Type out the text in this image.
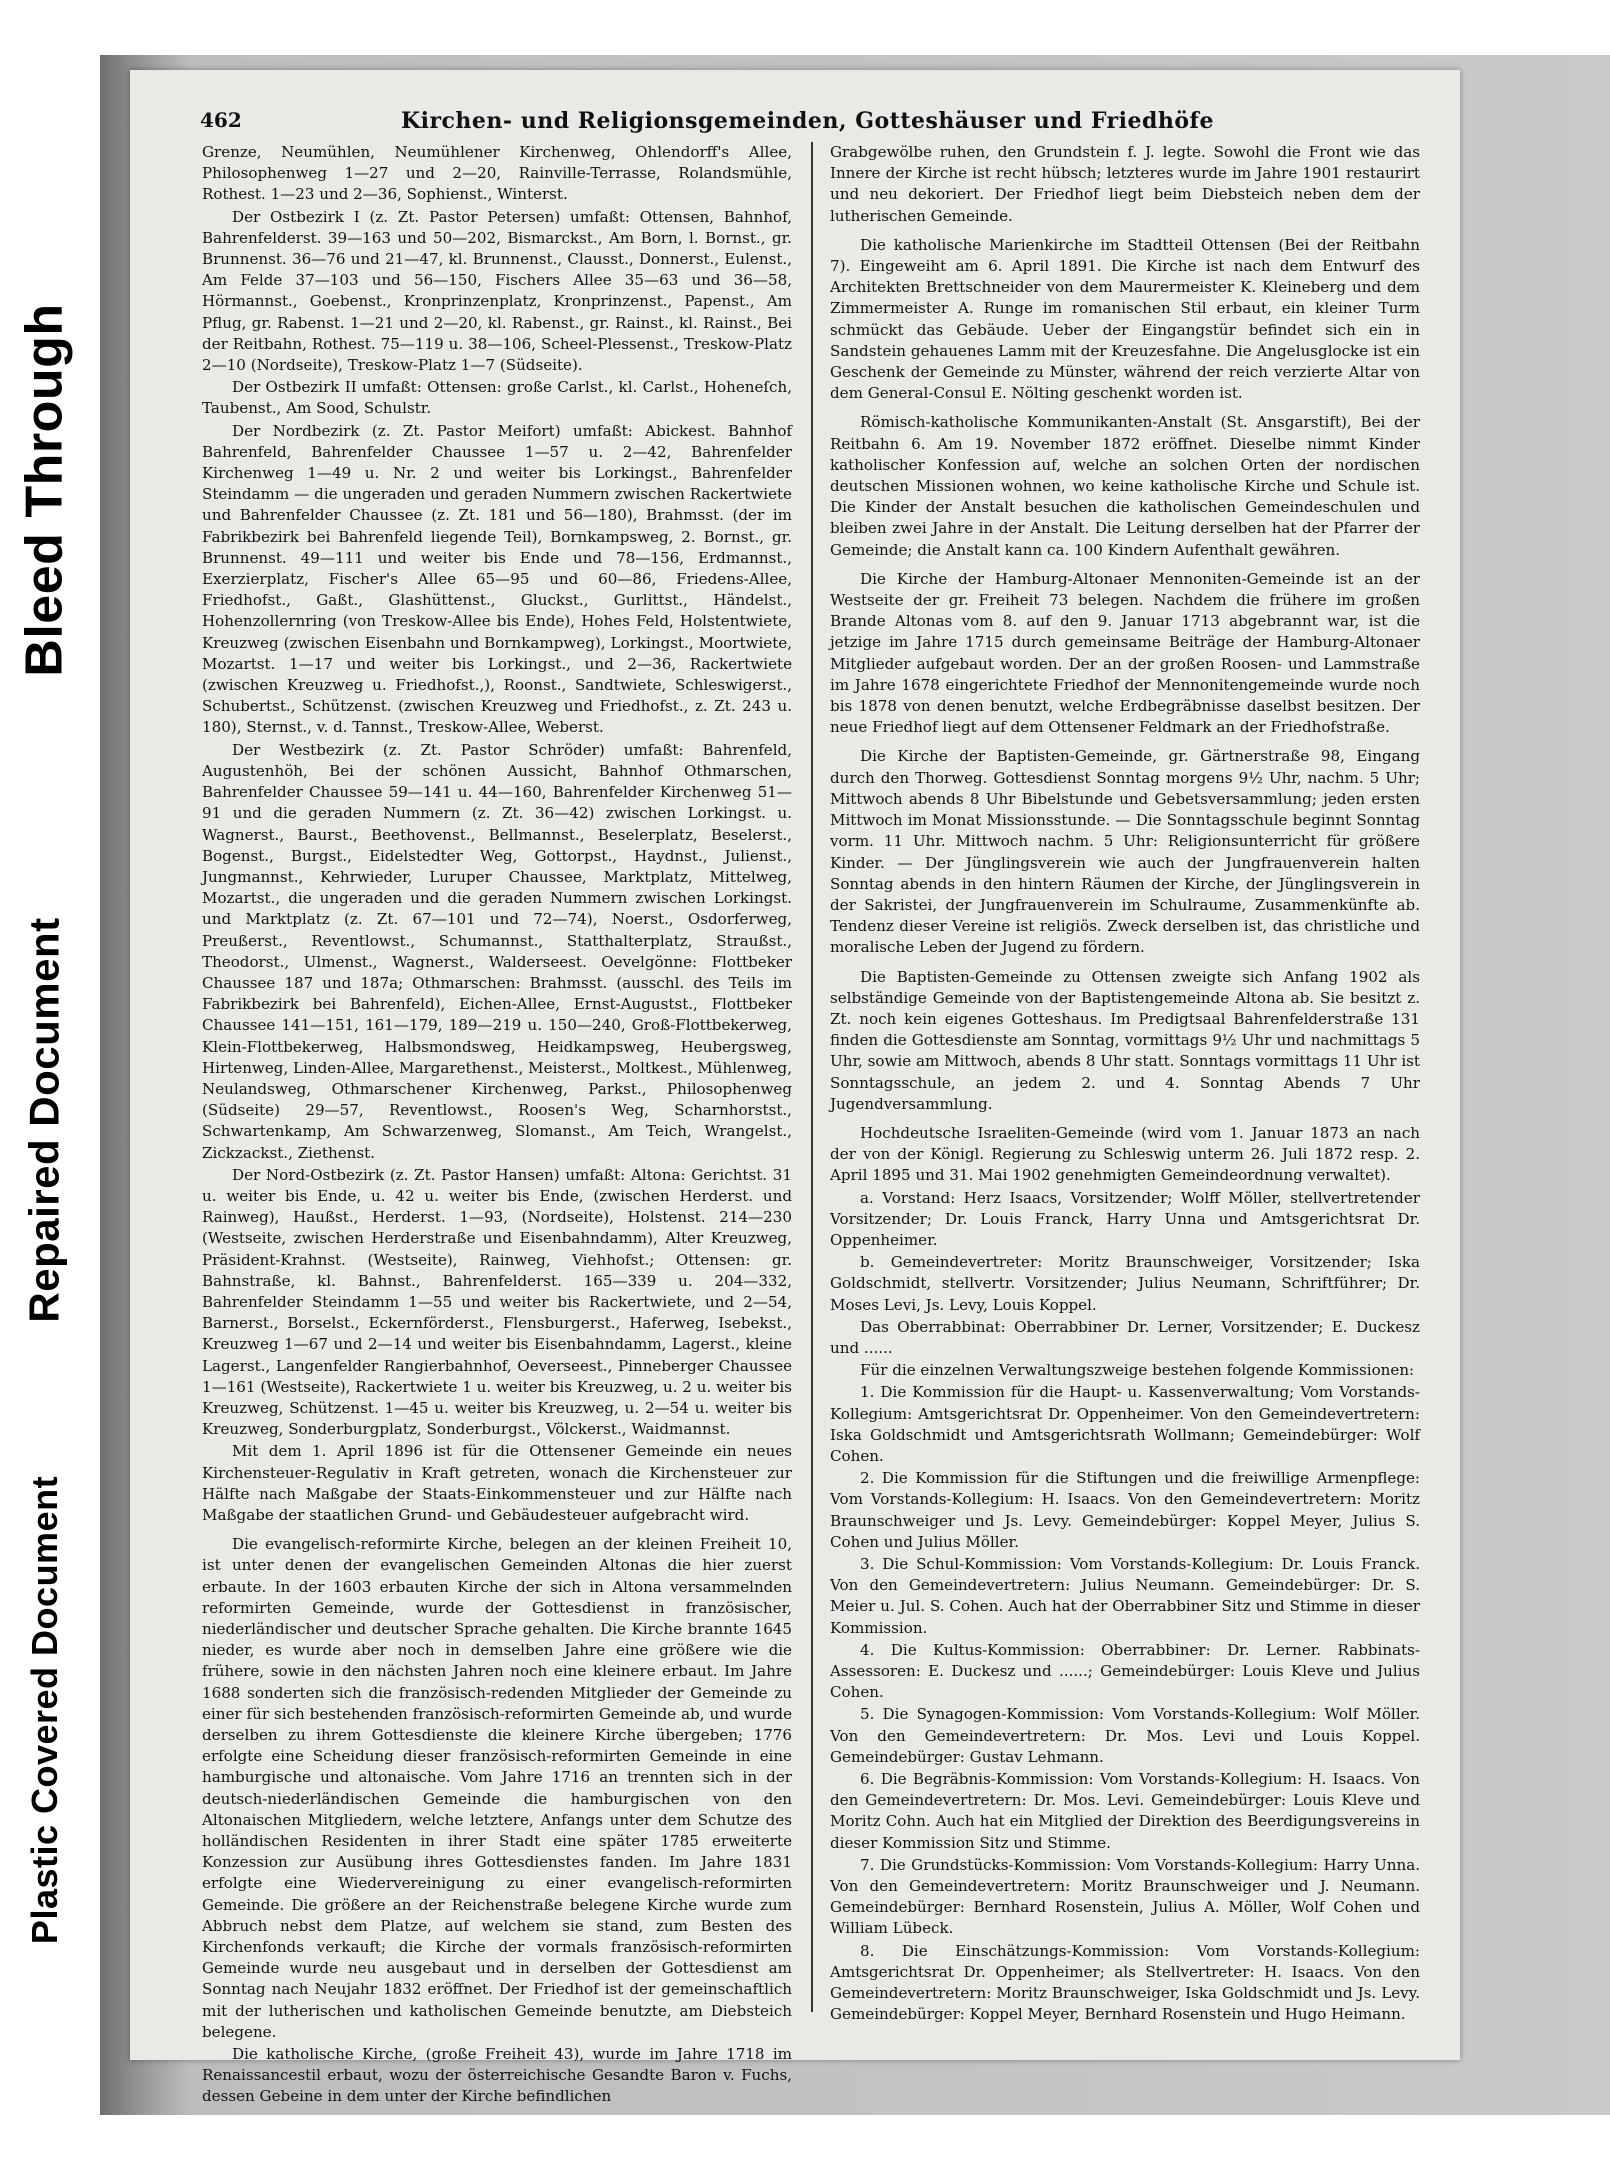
Bleed Through
Repaired Document
Plastic Covered Document
462	Kirchen- und Religionsgemeinden, Gotteshäuser und Friedhöfe

Grenze, Neumühlen, Neumühlener Kirchenweg, Ohlendorff's Allee, Philosophenweg 1—27 und 2—20, Rainville-Terrasse, Rolandsmühle, Rothest. 1—23 und 2—36, Sophienst., Winterst.

Der Ostbezirk I (z. Zt. Pastor Petersen) umfaßt: Ottensen, Bahnhof, Bahrenfelderst. 39—163 und 50—202, Bismarckst., Am Born, l. Bornst., gr. Brunnenst. 36—76 und 21—47, kl. Brunnenst., Clausst., Donnerst., Eulenst., Am Felde 37—103 und 56—150, Fischers Allee 35—63 und 36—58, Hörmannst., Goebenst., Kronprinzenplatz, Kronprinzenst., Papenst., Am Pflug, gr. Rabenst. 1—21 und 2—20, kl. Rabenst., gr. Rainst., kl. Rainst., Bei der Reitbahn, Rothest. 75—119 u. 38—106, Scheel-Plessenst., Treskow-Platz 2—10 (Nordseite), Treskow-Platz 1—7 (Südseite).

Der Ostbezirk II umfaßt: Ottensen: große Carlst., kl. Carlst., Hoheneſch, Taubenst., Am Sood, Schulstr.

Der Nordbezirk (z. Zt. Pastor Meifort) umfaßt: Abickest. Bahnhof Bahrenfeld, Bahrenfelder Chaussee 1—57 u. 2—42, Bahrenfelder Kirchenweg 1—49 u. Nr. 2 und weiter bis Lorkingst., Bahrenfelder Steindamm — die ungeraden und geraden Nummern zwischen Rackertwiete und Bahrenfelder Chaussee (z. Zt. 181 und 56—180), Brahmsst. (der im Fabrikbezirk bei Bahrenfeld liegende Teil), Bornkampsweg, 2. Bornst., gr. Brunnenst. 49—111 und weiter bis Ende und 78—156, Erdmannst., Exerzierplatz, Fischer's Allee 65—95 und 60—86, Friedens-Allee, Friedhofst., Gaßt., Glashüttenst., Gluckst., Gurlittst., Händelst., Hohenzollernring (von Treskow-Allee bis Ende), Hohes Feld, Holstentwiete, Kreuzweg (zwischen Eisenbahn und Bornkampweg), Lorkingst., Moortwiete, Mozartst. 1—17 und weiter bis Lorkingst., und 2—36, Rackertwiete (zwischen Kreuzweg u. Friedhofst.,), Roonst., Sandtwiete, Schleswigerst., Schubertst., Schützenst. (zwischen Kreuzweg und Friedhofst., z. Zt. 243 u. 180), Sternst., v. d. Tannst., Treskow-Allee, Weberst.

Der Westbezirk (z. Zt. Pastor Schröder) umfaßt: Bahrenfeld, Augustenhöh, Bei der schönen Aussicht, Bahnhof Othmarschen, Bahrenfelder Chaussee 59—141 u. 44—160, Bahrenfelder Kirchenweg 51—91 und die geraden Nummern (z. Zt. 36—42) zwischen Lorkingst. u. Wagnerst., Baurst., Beethovenst., Bellmannst., Beselerplatz, Beselerst., Bogenst., Burgst., Eidelstedter Weg, Gottorpst., Haydnst., Julienst., Jungmannst., Kehrwieder, Luruper Chaussee, Marktplatz, Mittelweg, Mozartst., die ungeraden und die geraden Nummern zwischen Lorkingst. und Marktplatz (z. Zt. 67—101 und 72—74), Noerst., Osdorferweg, Preußerst., Reventlowst., Schumannst., Statthalterplatz, Straußst., Theodorst., Ulmenst., Wagnerst., Walderseest. Oevelgönne: Flottbeker Chaussee 187 und 187a; Othmarschen: Brahmsst. (ausschl. des Teils im Fabrikbezirk bei Bahrenfeld), Eichen-Allee, Ernst-Augustst., Flottbeker Chaussee 141—151, 161—179, 189—219 u. 150—240, Groß-Flottbekerweg, Klein-Flottbekerweg, Halbsmondsweg, Heidkampsweg, Heubergsweg, Hirtenweg, Linden-Allee, Margarethenst., Meisterst., Moltkest., Mühlenweg, Neulandsweg, Othmarschener Kirchenweg, Parkst., Philosophenweg (Südseite) 29—57, Reventlowst., Roosen's Weg, Scharnhorstst., Schwartenkamp, Am Schwarzenweg, Slomanst., Am Teich, Wrangelst., Zickzackst., Ziethenst.

Der Nord-Ostbezirk (z. Zt. Pastor Hansen) umfaßt: Altona: Gerichtst. 31 u. weiter bis Ende, u. 42 u. weiter bis Ende, (zwischen Herderst. und Rainweg), Haußst., Herderst. 1—93, (Nordseite), Holstenst. 214—230 (Westseite, zwischen Herderstraße und Eisenbahndamm), Alter Kreuzweg, Präsident-Krahnst. (Westseite), Rainweg, Viehhofst.; Ottensen: gr. Bahnstraße, kl. Bahnst., Bahrenfelderst. 165—339 u. 204—332, Bahrenfelder Steindamm 1—55 und weiter bis Rackertwiete, und 2—54, Barnerst., Borselst., Eckernförderst., Flensburgerst., Haferweg, Isebekst., Kreuzweg 1—67 und 2—14 und weiter bis Eisenbahndamm, Lagerst., kleine Lagerst., Langenfelder Rangierbahnhof, Oeverseest., Pinneberger Chaussee 1—161 (Westseite), Rackertwiete 1 u. weiter bis Kreuzweg, u. 2 u. weiter bis Kreuzweg, Schützenst. 1—45 u. weiter bis Kreuzweg, u. 2—54 u. weiter bis Kreuzweg, Sonderburgplatz, Sonderburgst., Völckerst., Waidmannst.

Mit dem 1. April 1896 ist für die Ottensener Gemeinde ein neues Kirchensteuer-Regulativ in Kraft getreten, wonach die Kirchensteuer zur Hälfte nach Maßgabe der Staats-Einkommensteuer und zur Hälfte nach Maßgabe der staatlichen Grund- und Gebäudesteuer aufgebracht wird.

Die evangelisch-reformirte Kirche, belegen an der kleinen Freiheit 10, ist unter denen der evangelischen Gemeinden Altonas die hier zuerst erbaute. In der 1603 erbauten Kirche der sich in Altona versammelnden reformirten Gemeinde, wurde der Gottesdienst in französischer, niederländischer und deutscher Sprache gehalten. Die Kirche brannte 1645 nieder, es wurde aber noch in demselben Jahre eine größere wie die frühere, sowie in den nächsten Jahren noch eine kleinere erbaut. Im Jahre 1688 sonderten sich die französisch-redenden Mitglieder der Gemeinde zu einer für sich bestehenden französisch-reformirten Gemeinde ab, und wurde derselben zu ihrem Gottesdienste die kleinere Kirche übergeben; 1776 erfolgte eine Scheidung dieser französisch-reformirten Gemeinde in eine hamburgische und altonaische. Vom Jahre 1716 an trennten sich in der deutsch-niederländischen Gemeinde die hamburgischen von den Altonaischen Mitgliedern, welche letztere, Anfangs unter dem Schutze des holländischen Residenten in ihrer Stadt eine später 1785 erweiterte Konzession zur Ausübung ihres Gottesdienstes fanden. Im Jahre 1831 erfolgte eine Wiedervereinigung zu einer evangelisch-reformirten Gemeinde. Die größere an der Reichenstraße belegene Kirche wurde zum Abbruch nebst dem Platze, auf welchem sie stand, zum Besten des Kirchenfonds verkauft; die Kirche der vormals französisch-reformirten Gemeinde wurde neu ausgebaut und in derselben der Gottesdienst am Sonntag nach Neujahr 1832 eröffnet. Der Friedhof ist der gemeinschaftlich mit der lutherischen und katholischen Gemeinde benutzte, am Diebsteich belegene.

Die katholische Kirche, (große Freiheit 43), wurde im Jahre 1718 im Renaissancestil erbaut, wozu der österreichische Gesandte Baron v. Fuchs, dessen Gebeine in dem unter der Kirche befindlichen

Grabgewölbe ruhen, den Grundstein f. J. legte. Sowohl die Front wie das Innere der Kirche ist recht hübsch; letzteres wurde im Jahre 1901 restaurirt und neu dekoriert. Der Friedhof liegt beim Diebsteich neben dem der lutherischen Gemeinde.

Die katholische Marienkirche im Stadtteil Ottensen (Bei der Reitbahn 7). Eingeweiht am 6. April 1891. Die Kirche ist nach dem Entwurf des Architekten Brettschneider von dem Maurermeister K. Kleineberg und dem Zimmermeister A. Runge im romanischen Stil erbaut, ein kleiner Turm schmückt das Gebäude. Ueber der Eingangstür befindet sich ein in Sandstein gehauenes Lamm mit der Kreuzesfahne. Die Angelusglocke ist ein Geschenk der Gemeinde zu Münster, während der reich verzierte Altar von dem General-Consul E. Nölting geschenkt worden ist.

Römisch-katholische Kommunikanten-Anstalt (St. Ansgarstift), Bei der Reitbahn 6. Am 19. November 1872 eröffnet. Dieselbe nimmt Kinder katholischer Konfession auf, welche an solchen Orten der nordischen deutschen Missionen wohnen, wo keine katholische Kirche und Schule ist. Die Kinder der Anstalt besuchen die katholischen Gemeindeschulen und bleiben zwei Jahre in der Anstalt. Die Leitung derselben hat der Pfarrer der Gemeinde; die Anstalt kann ca. 100 Kindern Aufenthalt gewähren.

Die Kirche der Hamburg-Altonaer Mennoniten-Gemeinde ist an der Westseite der gr. Freiheit 73 belegen. Nachdem die frühere im großen Brande Altonas vom 8. auf den 9. Januar 1713 abgebrannt war, ist die jetzige im Jahre 1715 durch gemeinsame Beiträge der Hamburg-Altonaer Mitglieder aufgebaut worden. Der an der großen Roosen- und Lammstraße im Jahre 1678 eingerichtete Friedhof der Mennonitengemeinde wurde noch bis 1878 von denen benutzt, welche Erdbegräbnisse daselbst besitzen. Der neue Friedhof liegt auf dem Ottensener Feldmark an der Friedhofstraße.

Die Kirche der Baptisten-Gemeinde, gr. Gärtnerstraße 98, Eingang durch den Thorweg. Gottesdienst Sonntag morgens 9½ Uhr, nachm. 5 Uhr; Mittwoch abends 8 Uhr Bibelstunde und Gebetsversammlung; jeden ersten Mittwoch im Monat Missionsstunde. — Die Sonntagsschule beginnt Sonntag vorm. 11 Uhr. Mittwoch nachm. 5 Uhr: Religionsunterricht für größere Kinder. — Der Jünglingsverein wie auch der Jungfrauenverein halten Sonntag abends in den hintern Räumen der Kirche, der Jünglingsverein in der Sakristei, der Jungfrauenverein im Schulraume, Zusammenkünfte ab. Tendenz dieser Vereine ist religiös. Zweck derselben ist, das christliche und moralische Leben der Jugend zu fördern.

Die Baptisten-Gemeinde zu Ottensen zweigte sich Anfang 1902 als selbständige Gemeinde von der Baptistengemeinde Altona ab. Sie besitzt z. Zt. noch kein eigenes Gotteshaus. Im Predigtsaal Bahrenfelderstraße 131 finden die Gottesdienste am Sonntag, vormittags 9½ Uhr und nachmittags 5 Uhr, sowie am Mittwoch, abends 8 Uhr statt. Sonntags vormittags 11 Uhr ist Sonntagsschule, an jedem 2. und 4. Sonntag Abends 7 Uhr Jugendversammlung.

Hochdeutsche Israeliten-Gemeinde (wird vom 1. Januar 1873 an nach der von der Königl. Regierung zu Schleswig unterm 26. Juli 1872 resp. 2. April 1895 und 31. Mai 1902 genehmigten Gemeindeordnung verwaltet).

a. Vorstand: Herz Isaacs, Vorsitzender; Wolff Möller, stellvertretender Vorsitzender; Dr. Louis Franck, Harry Unna und Amtsgerichtsrat Dr. Oppenheimer.

b. Gemeindevertreter: Moritz Braunschweiger, Vorsitzender; Iska Goldschmidt, stellvertr. Vorsitzender; Julius Neumann, Schriftführer; Dr. Moses Levi, Js. Levy, Louis Koppel.

Das Oberrabbinat: Oberrabbiner Dr. Lerner, Vorsitzender; E. Duckesz und ......

Für die einzelnen Verwaltungszweige bestehen folgende Kommissionen:

1. Die Kommission für die Haupt- u. Kassenverwaltung; Vom Vorstands-Kollegium: Amtsgerichtsrat Dr. Oppenheimer. Von den Gemeindevertretern: Iska Goldschmidt und Amtsgerichtsrath Wollmann; Gemeindebürger: Wolf Cohen.

2. Die Kommission für die Stiftungen und die freiwillige Armenpflege: Vom Vorstands-Kollegium: H. Isaacs. Von den Gemeindevertretern: Moritz Braunschweiger und Js. Levy. Gemeindebürger: Koppel Meyer, Julius S. Cohen und Julius Möller.

3. Die Schul-Kommission: Vom Vorstands-Kollegium: Dr. Louis Franck. Von den Gemeindevertretern: Julius Neumann. Gemeindebürger: Dr. S. Meier u. Jul. S. Cohen. Auch hat der Oberrabbiner Sitz und Stimme in dieser Kommission.

4. Die Kultus-Kommission: Oberrabbiner: Dr. Lerner. Rabbinats-Assessoren: E. Duckesz und ......; Gemeindebürger: Louis Kleve und Julius Cohen.

5. Die Synagogen-Kommission: Vom Vorstands-Kollegium: Wolf Möller. Von den Gemeindevertretern: Dr. Mos. Levi und Louis Koppel. Gemeindebürger: Gustav Lehmann.

6. Die Begräbnis-Kommission: Vom Vorstands-Kollegium: H. Isaacs. Von den Gemeindevertretern: Dr. Mos. Levi. Gemeindebürger: Louis Kleve und Moritz Cohn. Auch hat ein Mitglied der Direktion des Beerdigungsvereins in dieser Kommission Sitz und Stimme.

7. Die Grundstücks-Kommission: Vom Vorstands-Kollegium: Harry Unna. Von den Gemeindevertretern: Moritz Braunschweiger und J. Neumann. Gemeindebürger: Bernhard Rosenstein, Julius A. Möller, Wolf Cohen und William Lübeck.

8. Die Einschätzungs-Kommission: Vom Vorstands-Kollegium: Amtsgerichtsrat Dr. Oppenheimer; als Stellvertreter: H. Isaacs. Von den Gemeindevertretern: Moritz Braunschweiger, Iska Goldschmidt und Js. Levy. Gemeindebürger: Koppel Meyer, Bernhard Rosenstein und Hugo Heimann.
